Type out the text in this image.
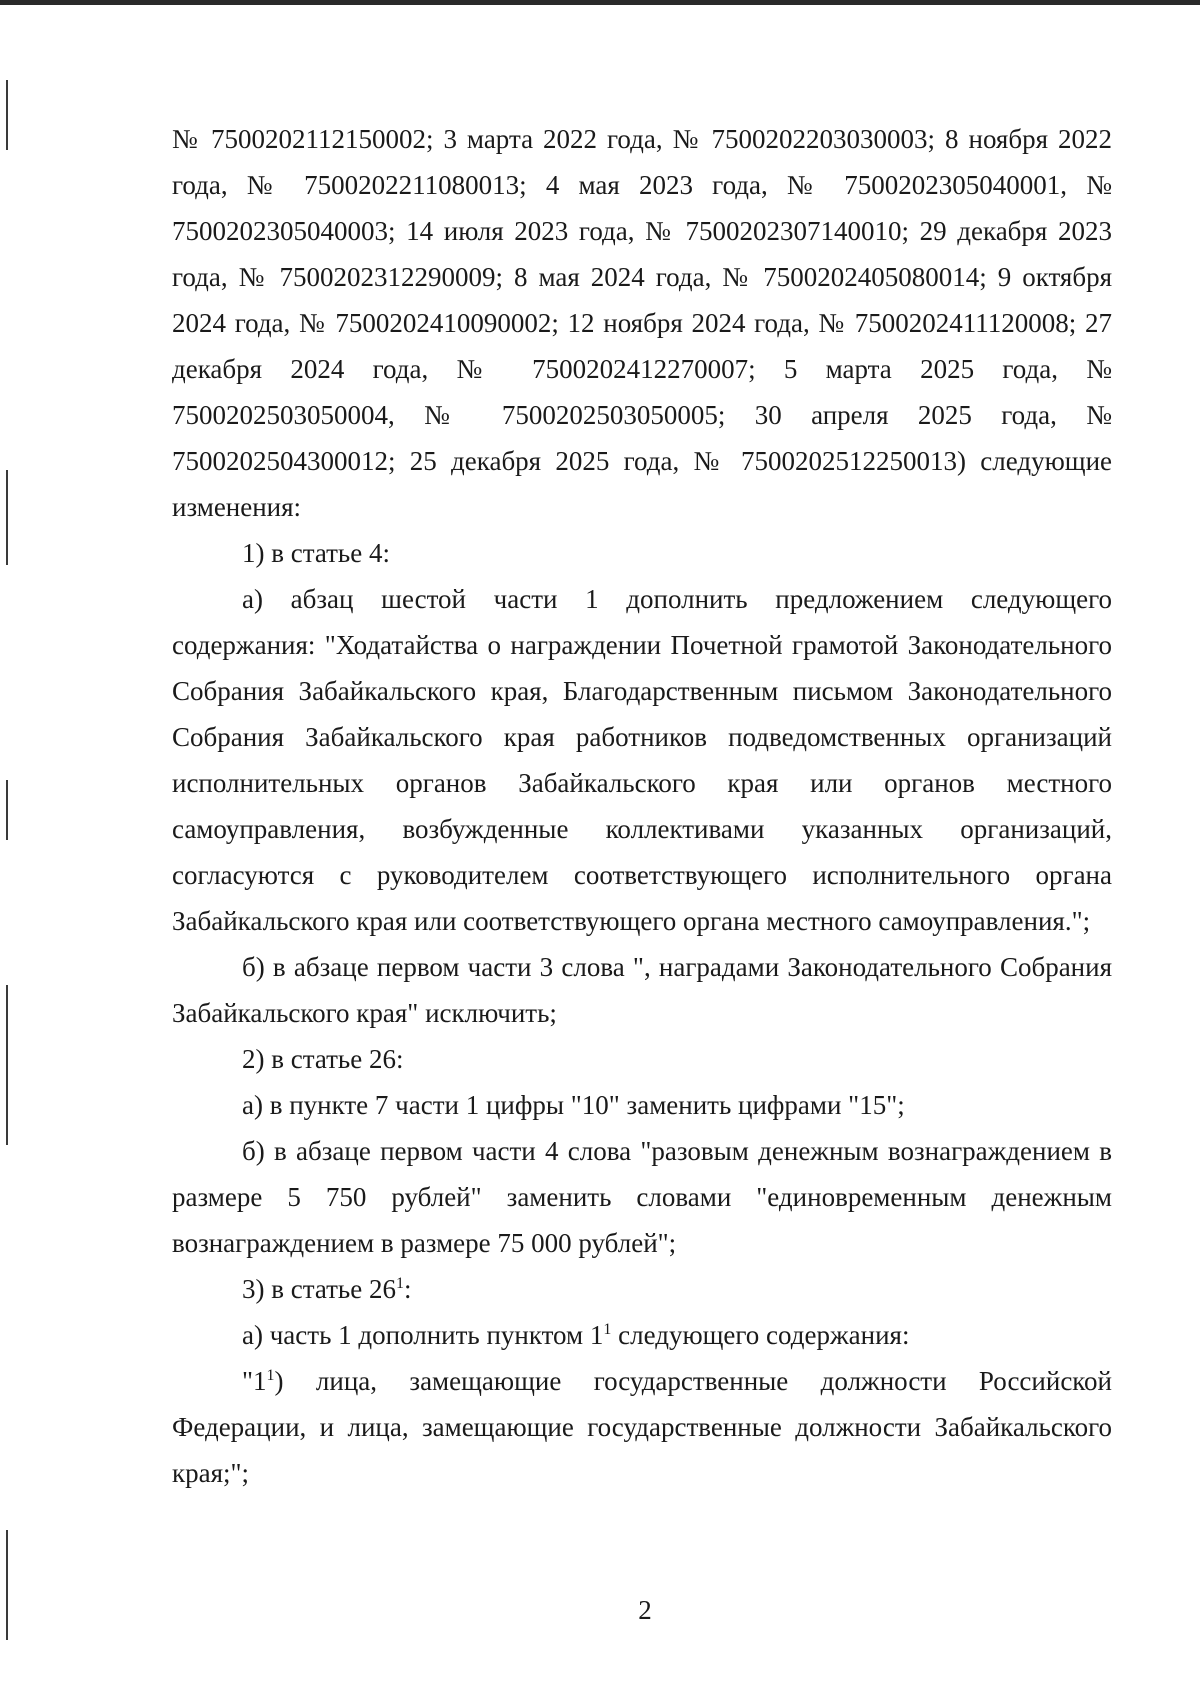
№ 7500202112150002; 3 марта 2022 года, № 7500202203030003; 8 ноября 2022 года, № 7500202211080013; 4 мая 2023 года, № 7500202305040001, № 7500202305040003; 14 июля 2023 года, № 7500202307140010; 29 декабря 2023 года, № 7500202312290009; 8 мая 2024 года, № 7500202405080014; 9 октября 2024 года, № 7500202410090002; 12 ноября 2024 года, № 7500202411120008; 27 декабря 2024 года, № 7500202412270007; 5 марта 2025 года, № 7500202503050004, № 7500202503050005; 30 апреля 2025 года, № 7500202504300012; 25 декабря 2025 года, № 7500202512250013) следующие изменения:

1) в статье 4:

а) абзац шестой части 1 дополнить предложением следующего содержания: "Ходатайства о награждении Почетной грамотой Законодательного Собрания Забайкальского края, Благодарственным письмом Законодательного Собрания Забайкальского края работников подведомственных организаций исполнительных органов Забайкальского края или органов местного самоуправления, возбужденные коллективами указанных организаций, согласуются с руководителем соответствующего исполнительного органа Забайкальского края или соответствующего органа местного самоуправления.";

б) в абзаце первом части 3 слова ", наградами Законодательного Собрания Забайкальского края" исключить;

2) в статье 26:

а) в пункте 7 части 1 цифры "10" заменить цифрами "15";

б) в абзаце первом части 4 слова "разовым денежным вознаграждением в размере 5 750 рублей" заменить словами "единовременным денежным вознаграждением в размере 75 000 рублей";

3) в статье $26^1$:

а) часть 1 дополнить пунктом $1^1$ следующего содержания:

"$1^1$) лица, замещающие государственные должности Российской Федерации, и лица, замещающие государственные должности Забайкальского края;";

2
